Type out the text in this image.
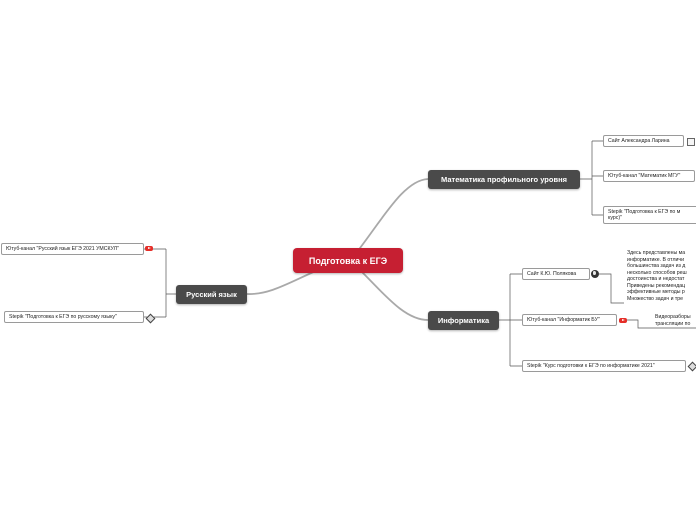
Подготовка к ЕГЭ
Математика профильного уровня
Информатика
Русский язык
Сайт Александра Ларина
Ютуб-канал "Математик МГУ"
Stepik "Подготовка к ЕГЭ по м
курс)"
Сайт К.Ю. Полякова
Здесь представлены ма
информатике. В отличи
большинства задач из д
несколько способов реш
достоинства и недостат
Приведены рекомендац
эффективные методы р
Множество задач и тре
Ютуб-канал "Информатик БУ"	Видеоразборы
трансляции по
Stepik "Курс подготовки к ЕГЭ по информатике 2021"
Ютуб-канал "Русский язык ЕГЭ 2021 УМСКУЛ"
Stepik "Подготовка к ЕГЭ по русскому языку"
